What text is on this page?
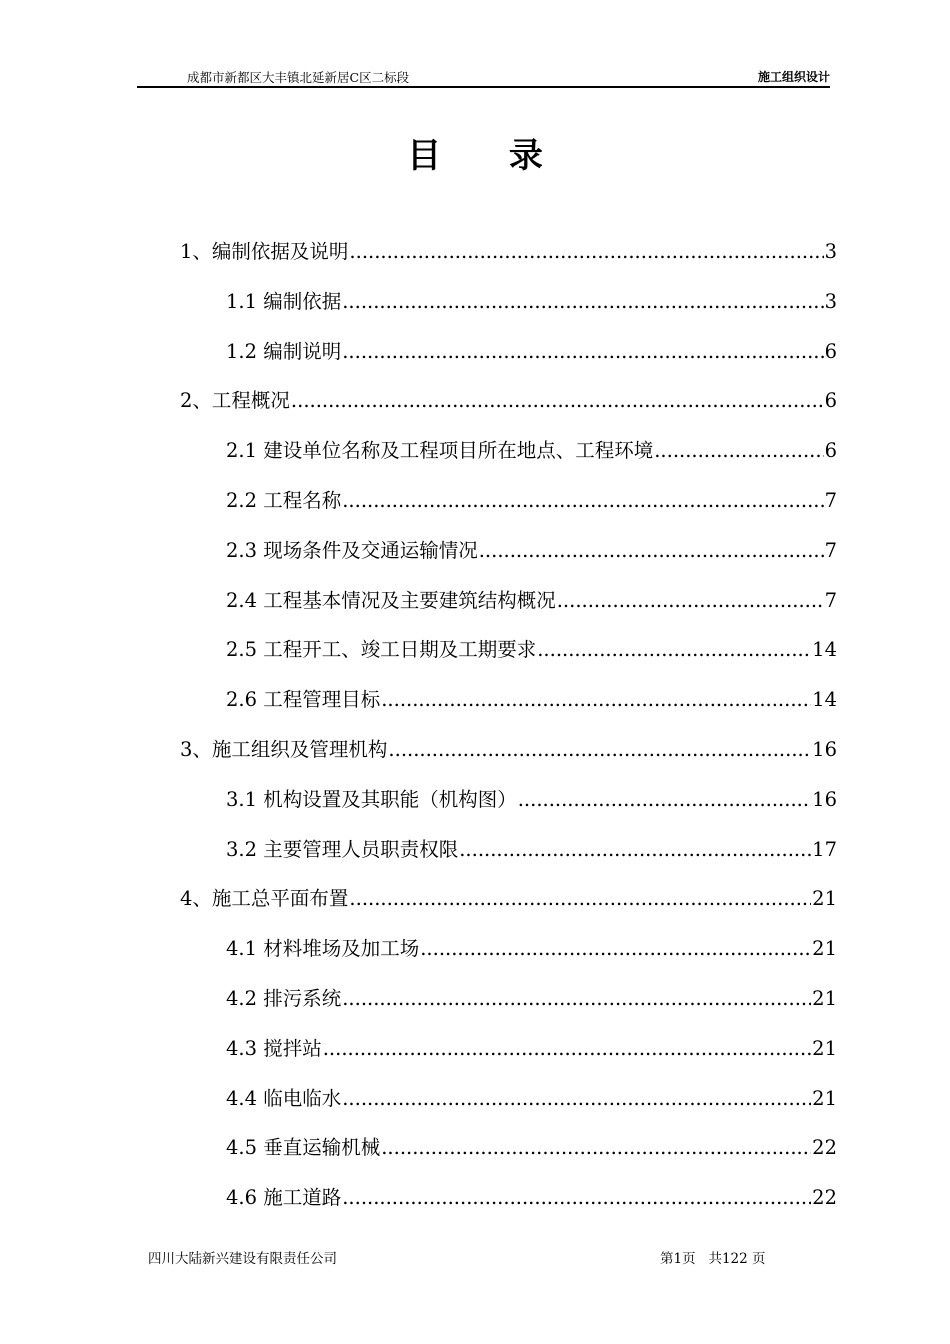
成都市新都区大丰镇北延新居C区二标段	施工组织设计
目 录
1、编制依据及说明 .....	3
1.1 编制依据 .....	3
1.2 编制说明 .....	6
2、工程概况 .....	6
2.1 建设单位名称及工程项目所在地点、工程环境 .....	6
2.2 工程名称 .....	7
2.3 现场条件及交通运输情况 .....	7
2.4 工程基本情况及主要建筑结构概况 .....	7
2.5 工程开工、竣工日期及工期要求 .....	14
2.6 工程管理目标 .....	14
3、施工组织及管理机构 .....	16
3.1 机构设置及其职能（机构图） .....	16
3.2 主要管理人员职责权限 .....	17
4、施工总平面布置 .....	21
4.1 材料堆场及加工场 .....	21
4.2 排污系统 .....	21
4.3 搅拌站 .....	21
4.4 临电临水 .....	21
4.5 垂直运输机械 .....	22
4.6 施工道路 .....	22
四川大陆新兴建设有限责任公司	第1页   共122 页
